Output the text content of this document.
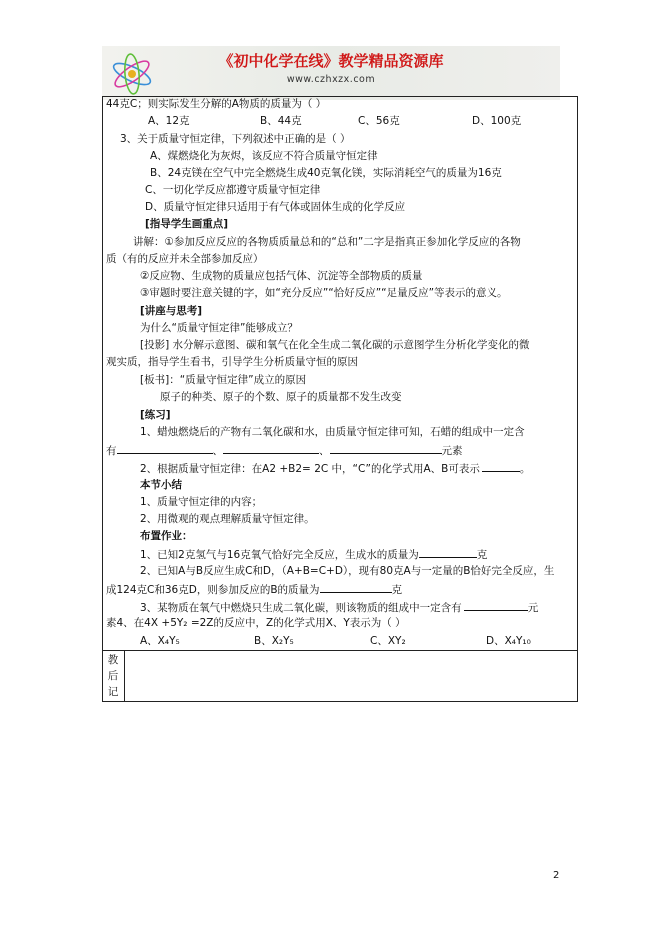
《初中化学在线》教学精品资源库
www.czhxzx.com
44克C；则实际发生分解的A物质的质量为（ ）
A、12克	B、44克	C、56克	D、100克
3、关于质量守恒定律，下列叙述中正确的是（ ）
A、煤燃烧化为灰烬，该反应不符合质量守恒定律
B、24克镁在空气中完全燃烧生成40克氧化镁，实际消耗空气的质量为16克
C、一切化学反应都遵守质量守恒定律
D、质量守恒定律只适用于有气体或固体生成的化学反应
[指导学生画重点]
讲解：①参加反应反应的各物质质量总和的“总和”二字是指真正参加化学反应的各物
质（有的反应并未全部参加反应）
②反应物、生成物的质量应包括气体、沉淀等全部物质的质量
③审题时要注意关键的字，如“充分反应”“恰好反应”“足量反应”等表示的意义。
[讲座与思考]
为什么“质量守恒定律”能够成立？
[投影] 水分解示意图、碳和氧气在化全生成二氧化碳的示意图学生分析化学变化的微
观实质，指导学生看书，引导学生分析质量守恒的原因
[板书]：“质量守恒定律”成立的原因
原子的种类、原子的个数、原子的质量都不发生改变
[练习]
1、蜡烛燃烧后的产物有二氧化碳和水，由质量守恒定律可知，石蜡的组成中一定含
有	、	、	元素
2、根据质量守恒定律：在A2 +B2= 2C 中，“C”的化学式用A、B可表示	。
本节小结
1、质量守恒定律的内容；
2、用微观的观点理解质量守恒定律。
布置作业：
1、已知2克氢气与16克氧气恰好完全反应，生成水的质量为	克
2、已知A与B反应生成C和D，（A+B=C+D），现有80克A与一定量的B恰好完全反应，生
成124克C和36克D，则参加反应的B的质量为	克
3、某物质在氧气中燃烧只生成二氧化碳，则该物质的组成中一定含有	元
素4、在4X +5Y₂ =2Z的反应中，Z的化学式用X、Y表示为（ ）
A、X₄Y₅	B、X₂Y₅	C、XY₂	D、X₄Y₁₀
教
后
记
2
